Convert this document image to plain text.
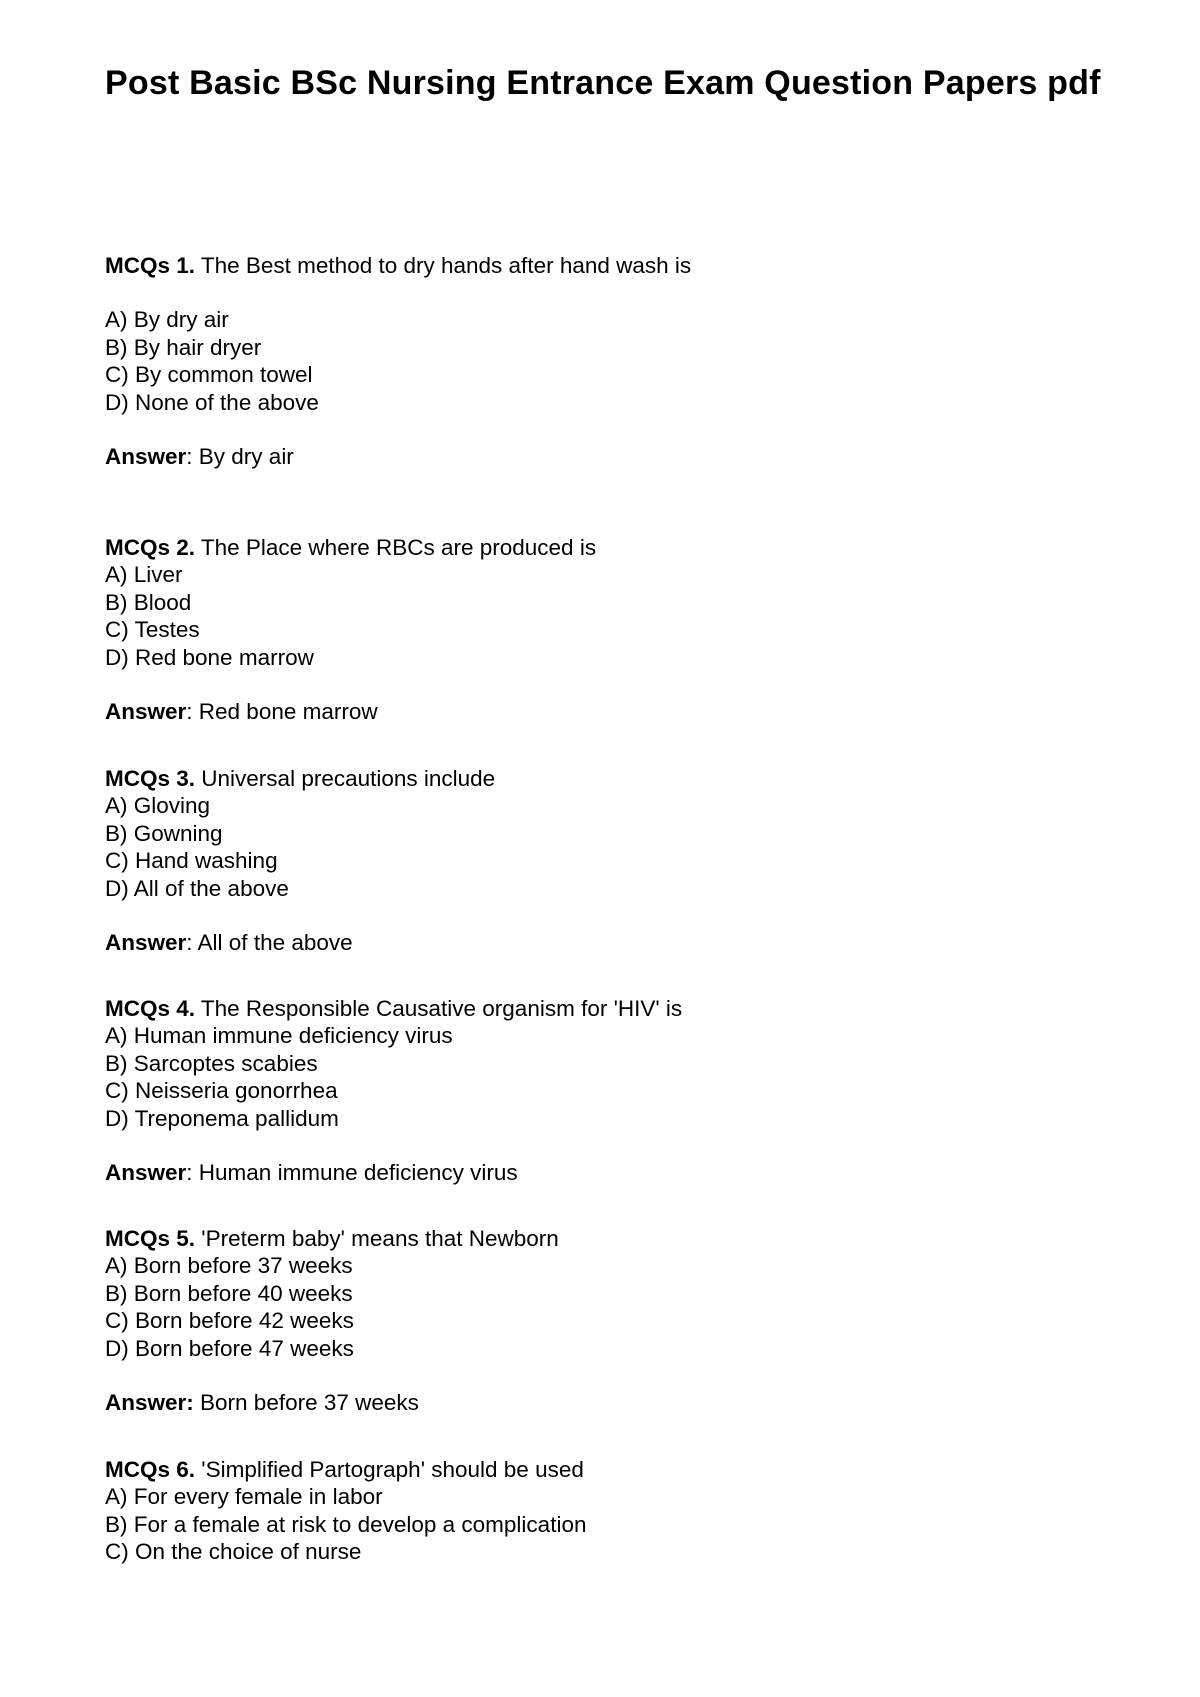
Post Basic BSc Nursing Entrance Exam Question Papers pdf
MCQs 1. The Best method to dry hands after hand wash is
A) By dry air
B) By hair dryer
C) By common towel
D) None of the above
Answer: By dry air
MCQs 2. The Place where RBCs are produced is
A) Liver
B) Blood
C) Testes
D) Red bone marrow
Answer: Red bone marrow
MCQs 3. Universal precautions include
A) Gloving
B) Gowning
C) Hand washing
D) All of the above
Answer: All of the above
MCQs 4. The Responsible Causative organism for 'HIV' is
A) Human immune deficiency virus
B) Sarcoptes scabies
C) Neisseria gonorrhea
D) Treponema pallidum
Answer: Human immune deficiency virus
MCQs 5. 'Preterm baby' means that Newborn
A) Born before 37 weeks
B) Born before 40 weeks
C) Born before 42 weeks
D) Born before 47 weeks
Answer: Born before 37 weeks
MCQs 6. 'Simplified Partograph' should be used
A) For every female in labor
B) For a female at risk to develop a complication
C) On the choice of nurse
